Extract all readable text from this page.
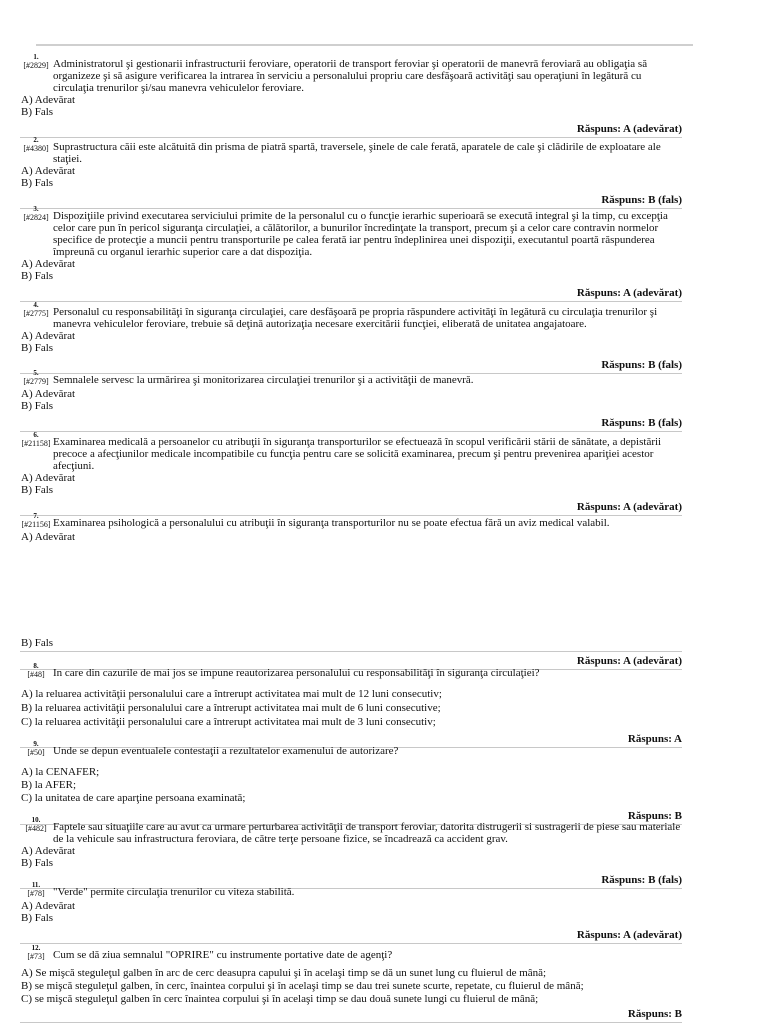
1.
[#2829] Administratorul şi gestionarii infrastructurii feroviare, operatorii de transport feroviar şi operatorii de manevră feroviară au obligaţia să organizeze şi să asigure verificarea la intrarea în serviciu a personalului propriu care desfăşoară activităţi sau operaţiuni în legătură cu circulaţia trenurilor şi/sau manevra vehiculelor feroviare.
A) Adevărat
B) Fals
Răspuns: A (adevărat)
2.
[#4380] Suprastructura căii este alcătuită din prisma de piatră spartă, traversele, şinele de cale ferată, aparatele de cale şi clădirile de exploatare ale staţiei.
A) Adevărat
B) Fals
Răspuns: B (fals)
3.
[#2824] Dispoziţiile privind executarea serviciului primite de la personalul cu o funcţie ierarhic superioară se execută integral şi la timp, cu excepţia celor care pun în pericol siguranţa circulaţiei, a călătorilor, a bunurilor încredinţate la transport, precum şi a celor care contravin normelor specifice de protecţie a muncii pentru transporturile pe calea ferată iar pentru îndeplinirea unei dispoziţii, executantul poartă răspunderea împreună cu organul ierarhic superior care a dat dispoziţia.
A) Adevărat
B) Fals
Răspuns: A (adevărat)
4.
[#2775] Personalul cu responsabilităţi în siguranţa circulaţiei, care desfăşoară pe propria răspundere activităţi în legătură cu circulaţia trenurilor şi manevra vehiculelor feroviare, trebuie să deţină autorizaţia necesare exercitării funcţiei, eliberată de unitatea angajatoare.
A) Adevărat
B) Fals
Răspuns: B (fals)
5.
[#2779] Semnalele servesc la urmărirea şi monitorizarea circulaţiei trenurilor şi a activităţii de manevră.
A) Adevărat
B) Fals
Răspuns: B (fals)
6.
[#21158] Examinarea medicală a persoanelor cu atribuţii în siguranţa transporturilor se efectuează în scopul verificării stării de sănătate, a depistării precoce a afecţiunilor medicale incompatibile cu funcţia pentru care se solicită examinarea, precum şi pentru prevenirea apariţiei acestor afecţiuni.
A) Adevărat
B) Fals
Răspuns: A (adevărat)
7.
[#21156] Examinarea psihologică a personalului cu atribuţii în siguranţa transporturilor nu se poate efectua fără un aviz medical valabil.
A) Adevărat
B) Fals
Răspuns: A (adevărat)
8.
[#48] In care din cazurile de mai jos se impune reautorizarea personalului cu responsabilităţi în siguranţa circulaţiei?
A) la reluarea activităţii personalului care a întrerupt activitatea mai mult de 12 luni consecutiv;
B) la reluarea activităţii personalului care a întrerupt activitatea mai mult de 6 luni consecutive;
C) la reluarea activităţii personalului care a întrerupt activitatea mai mult de 3 luni consecutiv;
Răspuns: A
9.
[#50] Unde se depun eventualele contestaţii a rezultatelor examenului de autorizare?
A) la CENAFER;
B) la AFER;
C) la unitatea de care aparţine persoana examinată;
Răspuns: B
10.
[#482] Faptele sau situaţiile care au avut ca urmare perturbarea activităţii de transport feroviar, datorita distrugerii si sustragerii de piese sau materiale de la vehicule sau infrastructura feroviara, de către terţe persoane fizice, se încadrează ca accident grav.
A) Adevărat
B) Fals
Răspuns: B (fals)
11.
[#78] "Verde" permite circulaţia trenurilor cu viteza stabilită.
A) Adevărat
B) Fals
Răspuns: A (adevărat)
12.
[#73] Cum se dă ziua semnalul "OPRIRE" cu instrumente portative date de agenţi?
A) Se mişcă steguleţul galben în arc de cerc deasupra capului şi în acelaşi timp se dă un sunet lung cu fluierul de mână;
B) se mişcă steguleţul galben, în cerc, înaintea corpului şi în acelaşi timp se dau trei sunete scurte, repetate, cu fluierul de mână;
C) se mişcă steguleţul galben în cerc înaintea corpului şi în acelaşi timp se dau două sunete lungi cu fluierul de mână;
Răspuns: B
